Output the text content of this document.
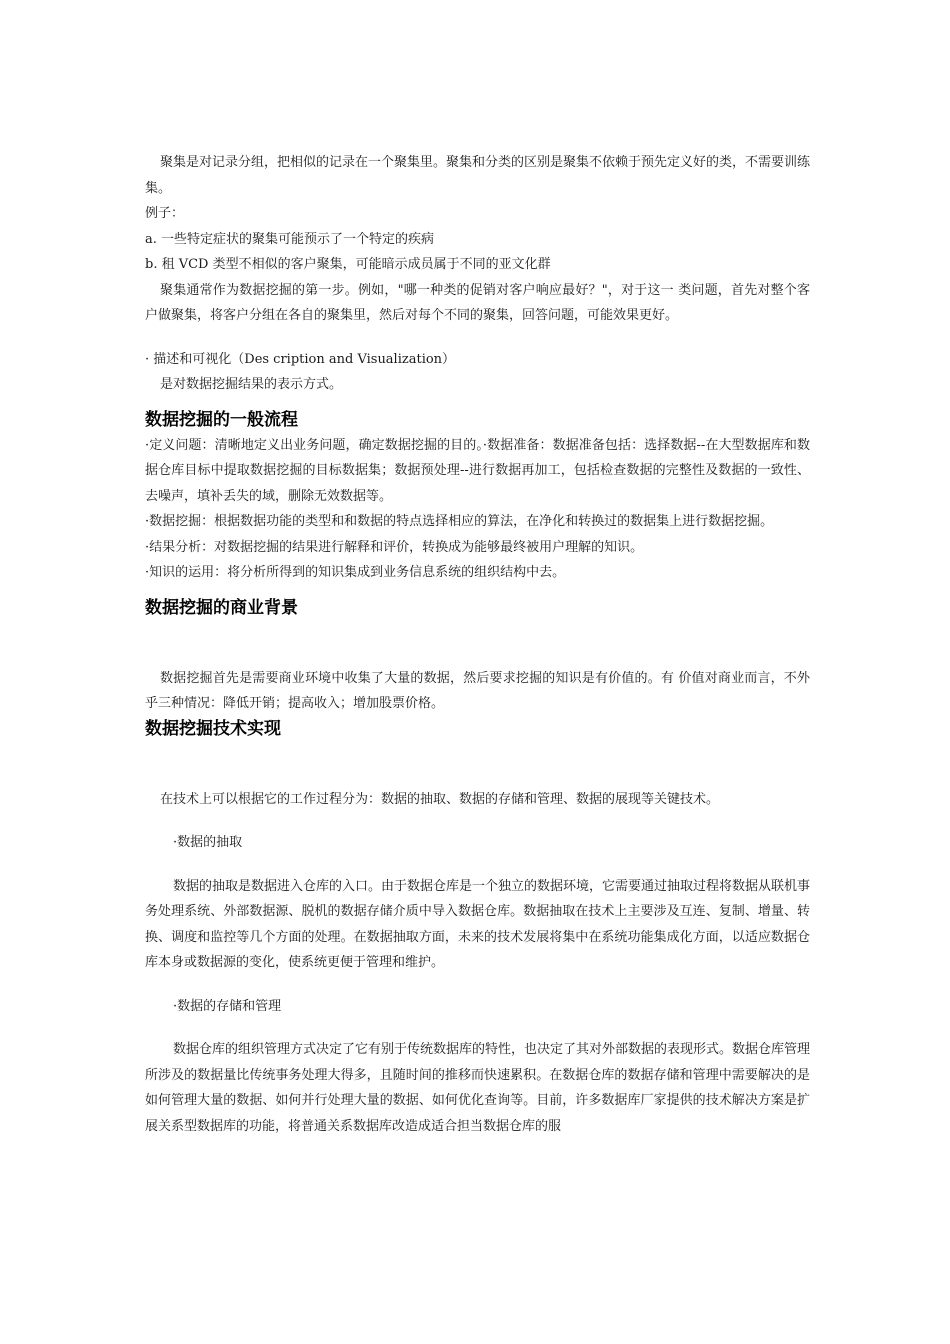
聚集是对记录分组，把相似的记录在一个聚集里。聚集和分类的区别是聚集不依赖于预先定义好的类，不需要训练集。

例子：

a. 一些特定症状的聚集可能预示了一个特定的疾病

b. 租 VCD 类型不相似的客户聚集，可能暗示成员属于不同的亚文化群

聚集通常作为数据挖掘的第一步。例如，"哪一种类的促销对客户响应最好？"，对于这一 类问题，首先对整个客户做聚集，将客户分组在各自的聚集里，然后对每个不同的聚集，回答问题，可能效果更好。

· 描述和可视化（Des cription and Visualization）

是对数据挖掘结果的表示方式。

数据挖掘的一般流程

·定义问题：清晰地定义出业务问题，确定数据挖掘的目的。·数据准备：数据准备包括：选择数据--在大型数据库和数据仓库目标中提取数据挖掘的目标数据集；数据预处理--进行数据再加工，包括检查数据的完整性及数据的一致性、去噪声，填补丢失的域，删除无效数据等。

·数据挖掘：根据数据功能的类型和和数据的特点选择相应的算法，在净化和转换过的数据集上进行数据挖掘。

·结果分析：对数据挖掘的结果进行解释和评价，转换成为能够最终被用户理解的知识。

·知识的运用：将分析所得到的知识集成到业务信息系统的组织结构中去。

数据挖掘的商业背景

数据挖掘首先是需要商业环境中收集了大量的数据，然后要求挖掘的知识是有价值的。有 价值对商业而言，不外乎三种情况：降低开销；提高收入；增加股票价格。

数据挖掘技术实现

在技术上可以根据它的工作过程分为：数据的抽取、数据的存储和管理、数据的展现等关键技术。

·数据的抽取

数据的抽取是数据进入仓库的入口。由于数据仓库是一个独立的数据环境，它需要通过抽取过程将数据从联机事务处理系统、外部数据源、脱机的数据存储介质中导入数据仓库。数据抽取在技术上主要涉及互连、复制、增量、转换、调度和监控等几个方面的处理。在数据抽取方面，未来的技术发展将集中在系统功能集成化方面，以适应数据仓库本身或数据源的变化，使系统更便于管理和维护。

·数据的存储和管理

数据仓库的组织管理方式决定了它有别于传统数据库的特性，也决定了其对外部数据的表现形式。数据仓库管理所涉及的数据量比传统事务处理大得多，且随时间的推移而快速累积。在数据仓库的数据存储和管理中需要解决的是如何管理大量的数据、如何并行处理大量的数据、如何优化查询等。目前，许多数据库厂家提供的技术解决方案是扩展关系型数据库的功能，将普通关系数据库改造成适合担当数据仓库的服
